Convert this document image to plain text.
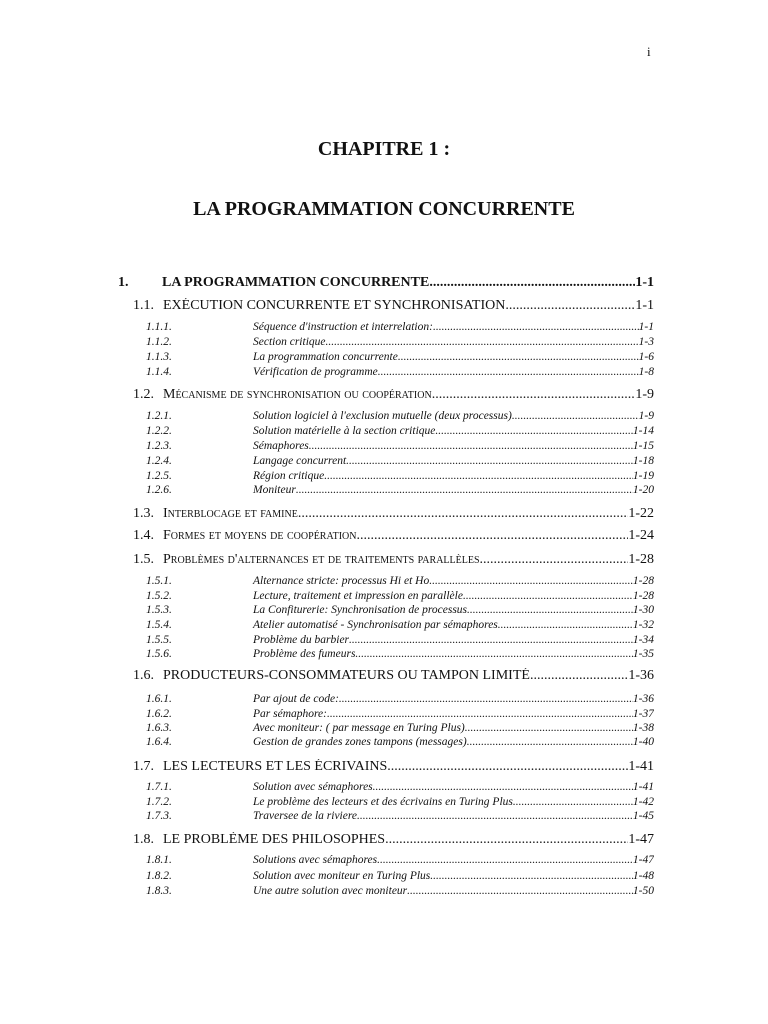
i
CHAPITRE 1 :
LA PROGRAMMATION CONCURRENTE
1.	LA PROGRAMMATION CONCURRENTE .....	1-1
1.1. EXÉCUTION CONCURRENTE ET SYNCHRONISATION .....	1-1
1.1.1.	Séquence d'instruction et interrelation: .....	1-1
1.1.2.	Section critique .....	1-3
1.1.3.	La programmation concurrente .....	1-6
1.1.4.	Vérification de programme .....	1-8
1.2. Mécanisme de synchronisation ou coopération .....	1-9
1.2.1.	Solution logiciel à l'exclusion mutuelle (deux processus) .....	1-9
1.2.2.	Solution matérielle à la section critique .....	1-14
1.2.3.	Sémaphores .....	1-15
1.2.4.	Langage concurrent .....	1-18
1.2.5.	Région critique .....	1-19
1.2.6.	Moniteur .....	1-20
1.3. Interblocage et famine .....	1-22
1.4. Formes et moyens de coopération .....	1-24
1.5. Problèmes d'alternances et de traitements parallèles .....	1-28
1.5.1.	Alternance stricte: processus Hi et Ho .....	1-28
1.5.2.	Lecture, traitement et impression en parallèle .....	1-28
1.5.3.	La Confiturerie: Synchronisation de processus .....	1-30
1.5.4.	Atelier automatisé - Synchronisation par sémaphores .....	1-32
1.5.5.	Problème du barbier .....	1-34
1.5.6.	Problème des fumeurs .....	1-35
1.6. PRODUCTEURS-CONSOMMATEURS OU TAMPON LIMITÉ .....	1-36
1.6.1.	Par ajout de code: .....	1-36
1.6.2.	Par sémaphore: .....	1-37
1.6.3.	Avec moniteur: ( par message en Turing Plus) .....	1-38
1.6.4.	Gestion de grandes zones tampons (messages) .....	1-40
1.7. LES LECTEURS ET LES ÉCRIVAINS .....	1-41
1.7.1.	Solution avec sémaphores .....	1-41
1.7.2.	Le problème des lecteurs et des écrivains en Turing Plus .....	1-42
1.7.3.	Traversee de la riviere .....	1-45
1.8. LE PROBLÈME DES PHILOSOPHES .....	1-47
1.8.1.	Solutions avec sémaphores .....	1-47
1.8.2.	Solution avec moniteur en Turing Plus .....	1-48
1.8.3.	Une autre solution avec moniteur .....	1-50
